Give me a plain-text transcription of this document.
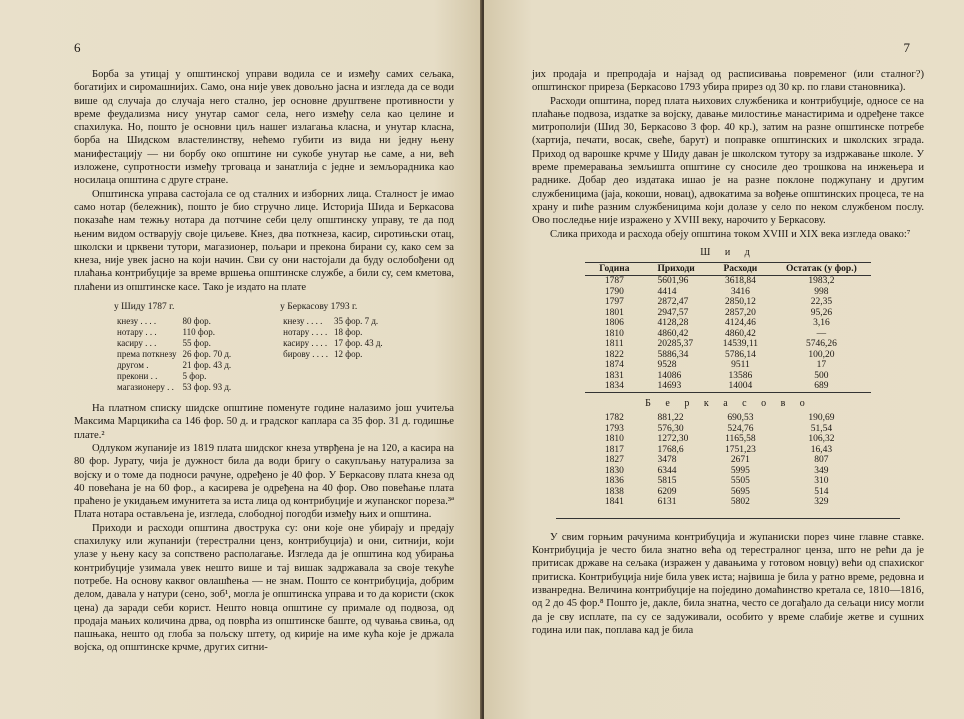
6

Борба за утицај у општинској управи водила се и између самих сељака, богатијих и сиромашнијих. Само, она није увек довољно јасна и изгледа да се води више од случаја до случаја него стално, јер основне друштвене противности у време феудализма нису унутар самог села, него између села као целине и спахилука. Но, пошто је основни циљ нашег излагања класна, и унутар класна, борба на Шидском властелинству, нећемо губити из вида ни једну њену манифестацију — ни борбу око општине ни сукобе унутар ње саме, а ни, већ изложене, супротности између трговаца и занатлија с једне и земљорадника као носилаца општина с друге стране.

Општинска управа састојала се од сталних и изборних лица. Сталност је имао само нотар (бележник), пошто је био стручно лице. Историја Шида и Беркасова показаће нам тежњу нотара да потчине себи целу општинску управу, те да под њеним видом остварују своје циљеве. Кнез, два поткнеза, касир, сиротињски отац, школски и црквени тутори, магазионер, пољари и прекона бирани су, како сем за кнеза, није увек јасно на који начин. Сви су они настојали да буду ослобођени од плаћања контрибуције за време вршења општинске службе, а били су, сем кметова, плаћени из општинске касе. Тако је издато на плате

у Шиду 1787 г.
кнезу . . . .	80 фор.
нотару . . .	110 фор.
касиру . . .	55 фор.
према поткнезу	26 фор. 70 д.
другом .	21 фор. 43 д.
прекони . .	5 фор.
магазионеру . .	53 фор. 93 д.
у Беркасову 1793 г.
кнезу . . . .	35 фор. 7 д.
нотару . . . .	18 фор.
касиру . . . .	17 фор. 43 д.
бирову . . . .	12 фор.

На платном списку шидске општине поменуте године налазимо још учитеља Максима Марцикића са 146 фор. 50 д. и градског каплара са 35 фор. 31 д. годишње плате.²

Одлуком жупаније из 1819 плата шидског кнеза утврђена је на 120, а касира на 80 фор. Јурату, чија је дужност била да води бригу о сакупљању натурализа за војску и о томе да подноси рачуне, одређено је 40 фор. У Беркасову плата кнеза од 40 повећана је на 60 фор., а касирева је одређена на 40 фор. Ово повећање плата праћено је укидањем имунитета за иста лица од контрибуције и жупанског пореза.³ª Плата нотара остављена је, изгледа, слободној погодби између њих и општина.

Приходи и расходи општина двострука су: они које оне убирају и предају спахилуку или жупанији (терестрални ценз, контрибуција) и они, ситнији, који улазе у њену касу за сопствено располагање. Изгледа да је општина код убирања контрибуције узимала увек нешто више и тај вишак задржавала за своје текуће потребе. На основу каквог овлашћења — не знам. Пошто се контрибуција, добрим делом, давала у натури (сено, зоб¹, могла је општинска управа и то да користи (скок цена) да зaради себи корист. Нешто новца општине су примале од подвоза, од продаја мањих количина дрва, од поврћа из општинске баште, од чувања свиња, од пашњака, нешто од глоба за пољску штету, од кирије на име кућа које је држала војска, од општинске крчме, других ситни-

7

јих продаја и препродаја и најзад од расписивања повременог (или сталног?) општинског приреза (Беркасово 1793 убира прирез од 30 кр. по глави становника).

Расходи општина, поред плата њихових службеника и контрибуције, односе се на плаћање подвоза, издатке за војску, давање милостиње манастирима и одређене таксе митрополији (Шид 30, Беркасово 3 фор. 40 кр.), затим на разне општинске потребе (хартија, печати, восак, свеће, барут) и поправке општинских и школских зграда. Приход од варошке крчме у Шиду даван је школском тутору за издржавање школе. У време премеравања земљишта општине су сносиле део трошкова на инжењера и раднике. Добар део издатака ишао је на разне поклоне поджупану и другим службеницима (јаја, кокоши, новац), адвокатима за вођење општинских процеса, те на храну и пиће разним службеницима који долазе у село по неком службеном послу. Ово последње није изражено у XVIII веку, нарочито у Беркасову.

Слика прихода и расхода обеју општина током XVIII и XIX века изгледа овако:⁷

Ш и д
Година	Приходи	Расходи	Остатак (у фор.)
1787	5601,96	3618,84	1983,2
1790	4414	3416	998
1797	2872,47	2850,12	22,35
1801	2947,57	2857,20	95,26
1806	4128,28	4124,46	3,16
1810	4860,42	4860,42	—
1811	20285,37	14539,11	5746,26
1822	5886,34	5786,14	100,20
1874	9528	9511	17
1831	14086	13586	500
1834	14693	14004	689

Б е р к а с о в о			

1782	881,22	690,53	190,69
1793	576,30	524,76	51,54
1810	1272,30	1165,58	106,32
1817	1768,6	1751,23	16,43
1827	3478	2671	807
1830	6344	5995	349
1836	5815	5505	310
1838	6209	5695	514
1841	6131	5802	329

У свим горњим рачунима контрибуција и жупаниски порез чине главне ставке. Контрибуција је често била знатно већа од терестралног цензa, што не рећи да је притисак државе на сељака (изражен у давањима у готовом новцу) већи од спахиског притиска. Контрибуција није била увек иста; највиша је била у ратно време, редовна и изванредна. Величина контрибуције на поједино домаћинство кретала се, 1810—1816, од 2 до 45 фор.⁸ Пошто је, дакле, била знатна, често се догађало да сељаци нису могли да је сву исплате, па су се задуживали, особито у време слабије жетве и сушних година или пак, поплава кад је била
